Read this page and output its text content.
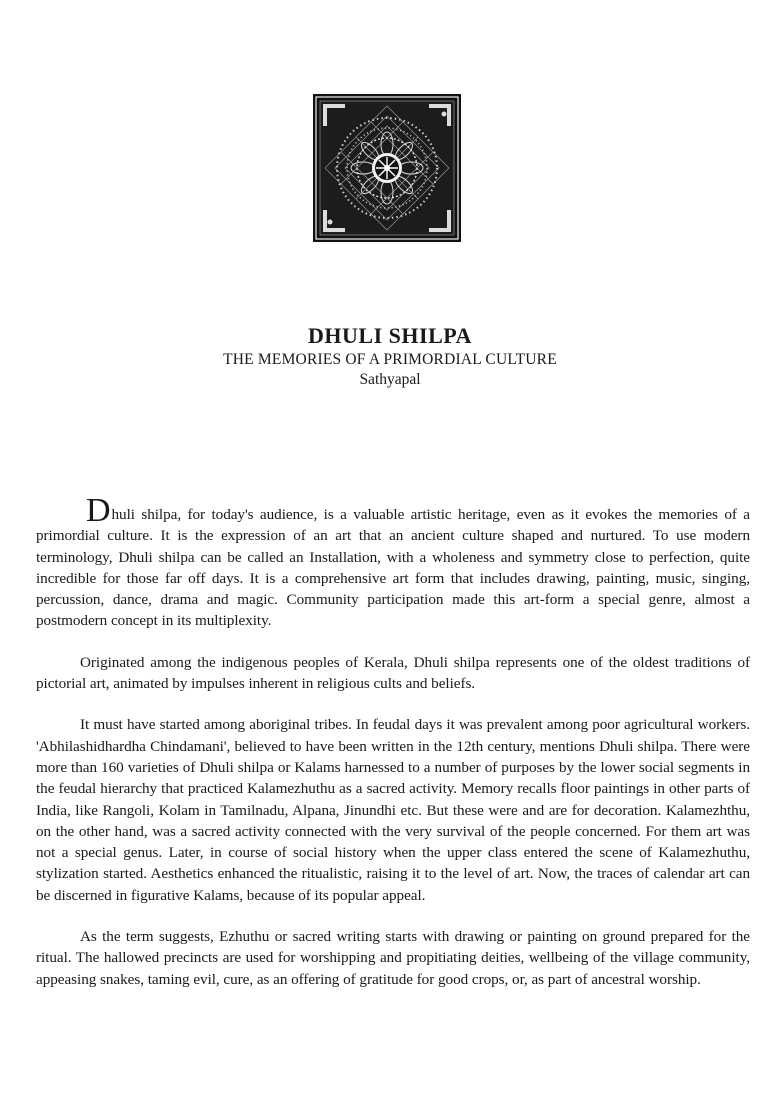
DHULI SHILPA

THE MEMORIES OF A PRIMORDIAL CULTURE

Sathyapal

Dhuli shilpa, for today's audience, is a valuable artistic heritage, even as it evokes the memories of a primordial culture. It is the expression of an art that an ancient culture shaped and nurtured. To use modern terminology, Dhuli shilpa can be called an Installation, with a wholeness and symmetry close to perfection, quite incredible for those far off days. It is a comprehensive art form that includes drawing, painting, music, singing, percussion, dance, drama and magic. Community participation made this art-form a special genre, almost a postmodern concept in its multiplexity.

Originated among the indigenous peoples of Kerala, Dhuli shilpa represents one of the oldest traditions of pictorial art, animated by impulses inherent in religious cults and beliefs.

It must have started among aboriginal tribes. In feudal days it was prevalent among poor agricultural workers. 'Abhilashidhardha Chindamani', believed to have been written in the 12th century, mentions Dhuli shilpa. There were more than 160 varieties of Dhuli shilpa or Kalams harnessed to a number of purposes by the lower social segments in the feudal hierarchy that practiced Kalamezhuthu as a sacred activity. Memory recalls floor paintings in other parts of India, like Rangoli, Kolam in Tamilnadu, Alpana, Jinundhi etc. But these were and are for decoration. Kalamezhthu, on the other hand, was a sacred activity connected with the very survival of the people concerned. For them art was not a special genus. Later, in course of social history when the upper class entered the scene of Kalamezhuthu, stylization started. Aesthetics enhanced the ritualistic, raising it to the level of art. Now, the traces of calendar art can be discerned in figurative Kalams, because of its popular appeal.

As the term suggests, Ezhuthu or sacred writing starts with drawing or painting on ground prepared for the ritual. The hallowed precincts are used for worshipping and propitiating deities, wellbeing of the village community, appeasing snakes, taming evil, cure, as an offering of gratitude for good crops, or, as part of ancestral worship.
